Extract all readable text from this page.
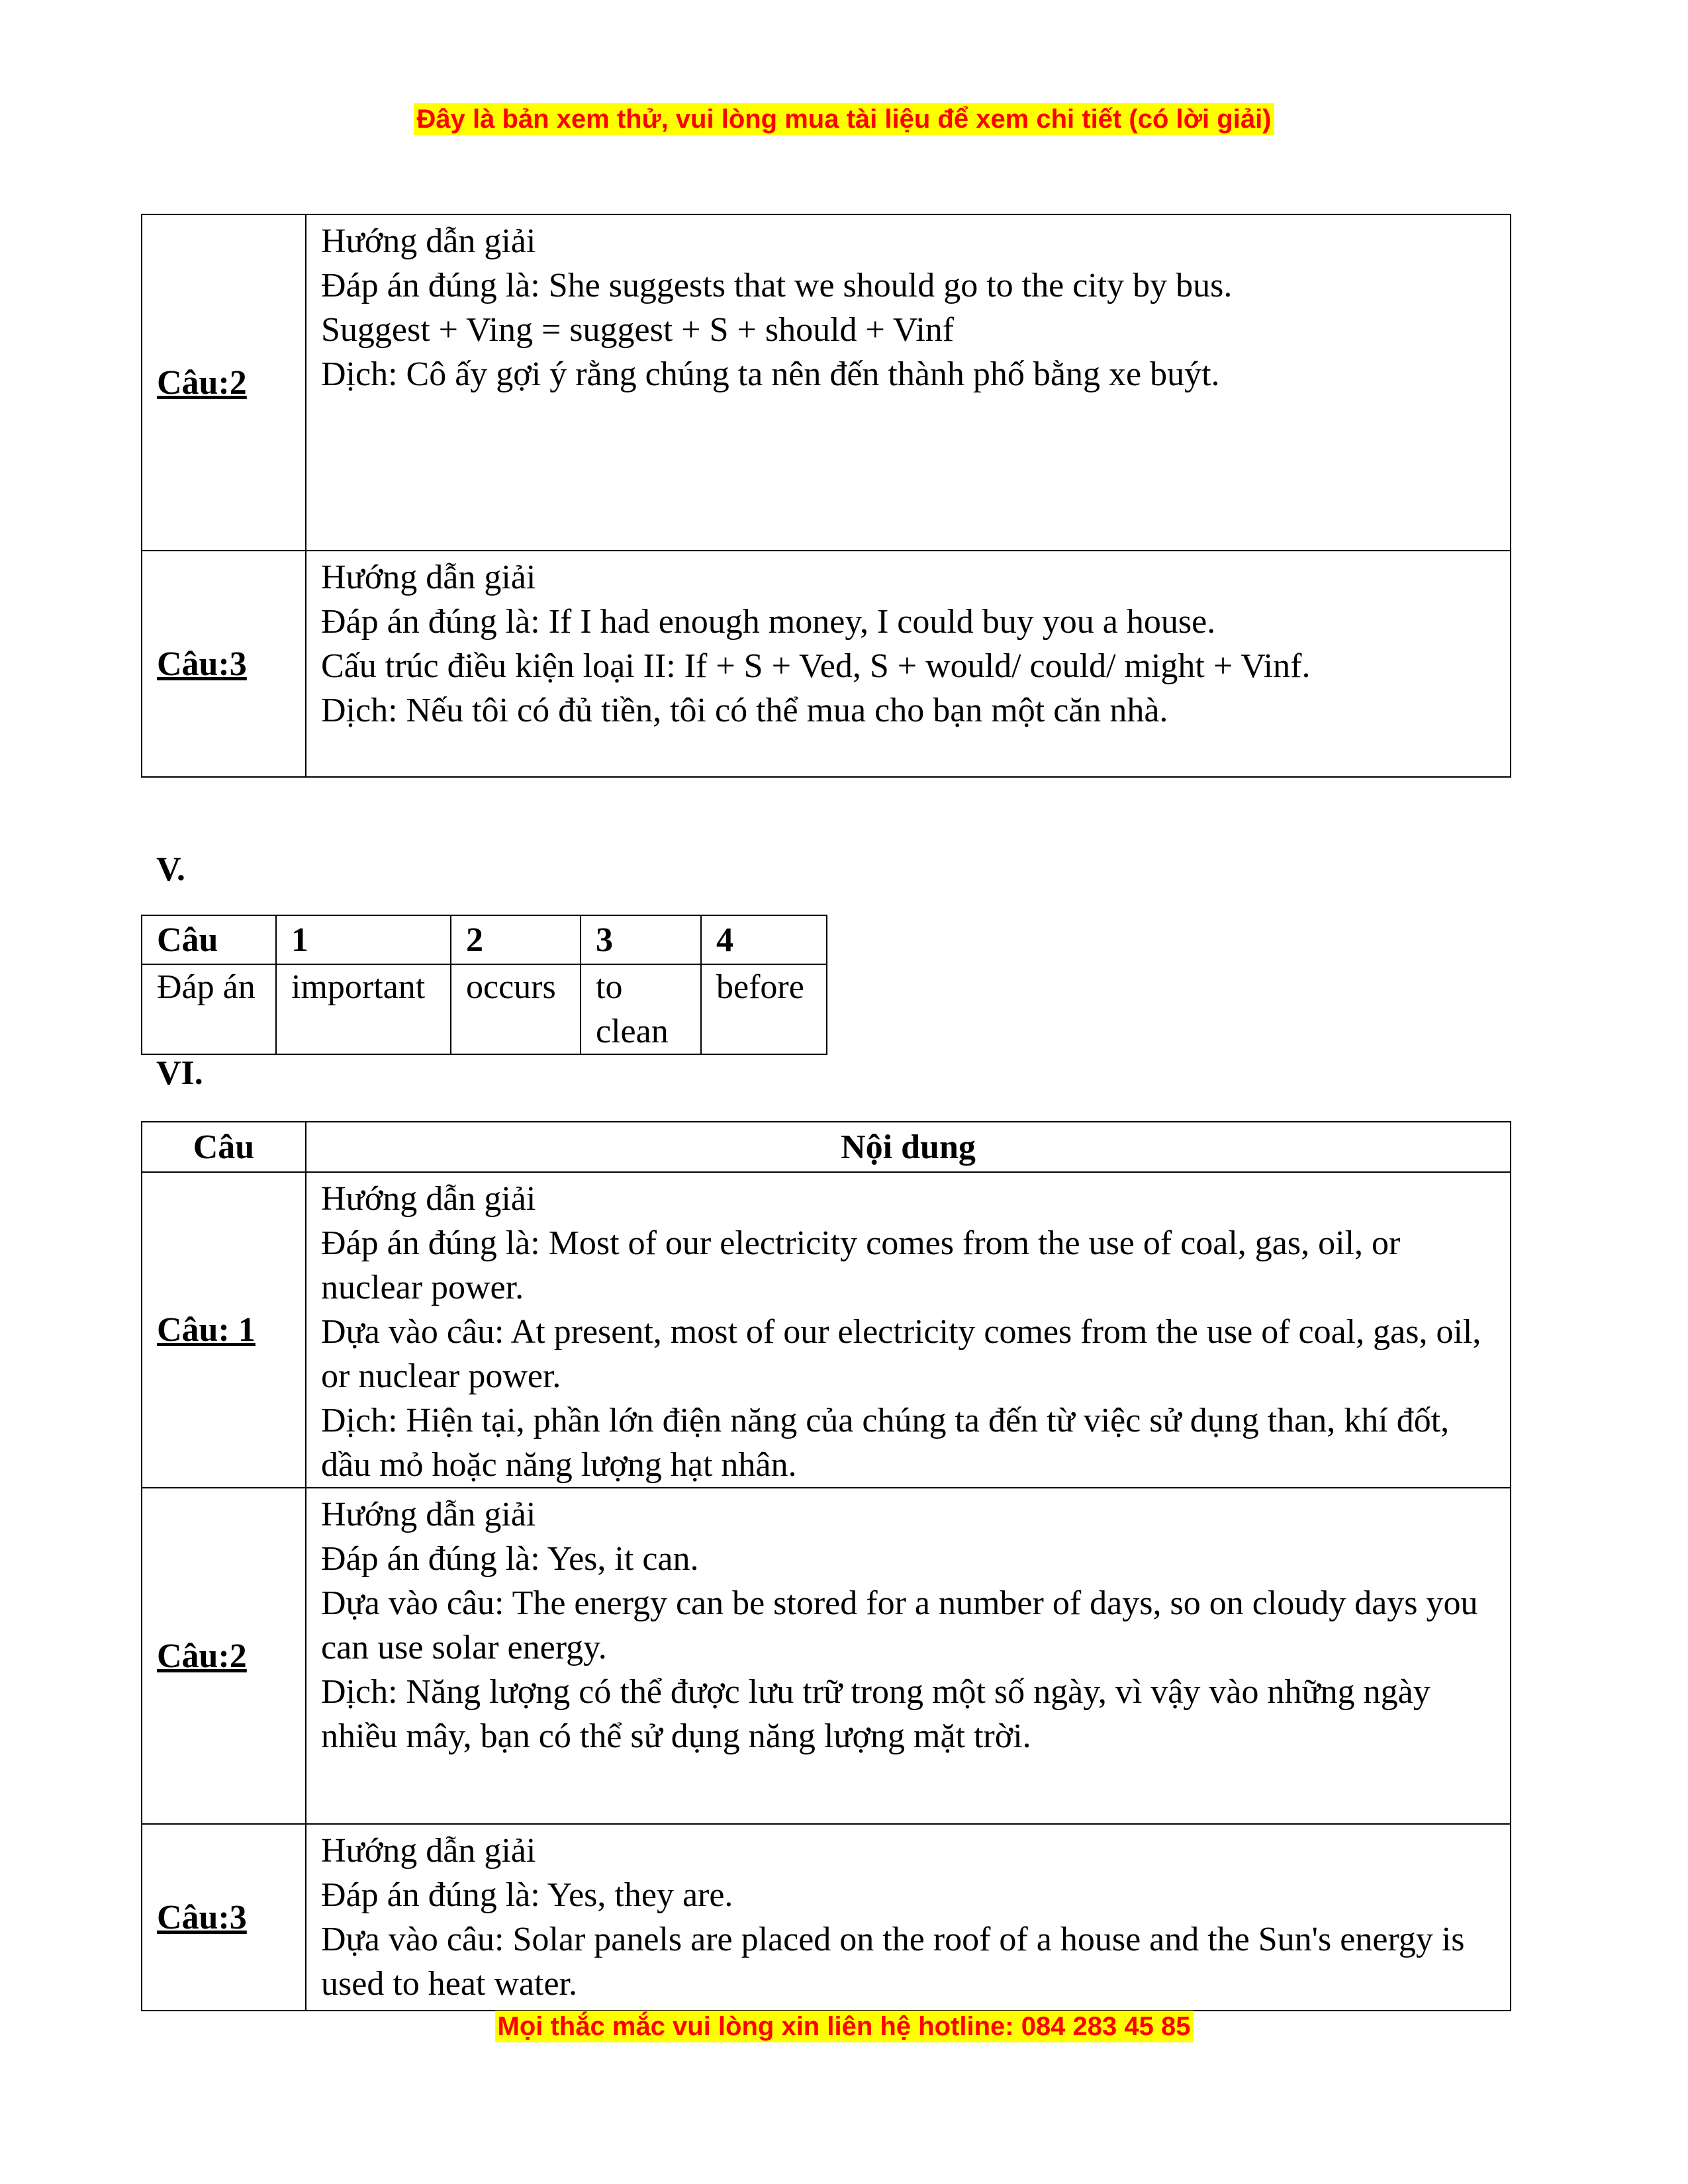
Đây là bản xem thử, vui lòng mua tài liệu để xem chi tiết (có lời giải)
Câu:2	Hướng dẫn giải
Đáp án đúng là: She suggests that we should go to the city by bus.
Suggest + Ving = suggest + S + should + Vinf
Dịch: Cô ấy gợi ý rằng chúng ta nên đến thành phố bằng xe buýt.

Câu:3	Hướng dẫn giải
Đáp án đúng là: If I had enough money, I could buy you a house.
Cấu trúc điều kiện loại II: If + S + Ved, S + would/ could/ might + Vinf.
Dịch: Nếu tôi có đủ tiền, tôi có thể mua cho bạn một căn nhà.
V.
Câu	1	2	3	4
Đáp án	important	occurs	to clean	before
VI.
Câu	Nội dung
Câu: 1	Hướng dẫn giải
Đáp án đúng là: Most of our electricity comes from the use of coal, gas, oil, or nuclear power.
Dựa vào câu: At present, most of our electricity comes from the use of coal, gas, oil, or nuclear power.
Dịch: Hiện tại, phần lớn điện năng của chúng ta đến từ việc sử dụng than, khí đốt, dầu mỏ hoặc năng lượng hạt nhân.

Câu:2	Hướng dẫn giải
Đáp án đúng là: Yes, it can.
Dựa vào câu: The energy can be stored for a number of days, so on cloudy days you can use solar energy.
Dịch: Năng lượng có thể được lưu trữ trong một số ngày, vì vậy vào những ngày nhiều mây, bạn có thể sử dụng năng lượng mặt trời.

Câu:3	Hướng dẫn giải
Đáp án đúng là: Yes, they are.
Dựa vào câu: Solar panels are placed on the roof of a house and the Sun's energy is used to heat water.
Mọi thắc mắc vui lòng xin liên hệ hotline: 084 283 45 85
